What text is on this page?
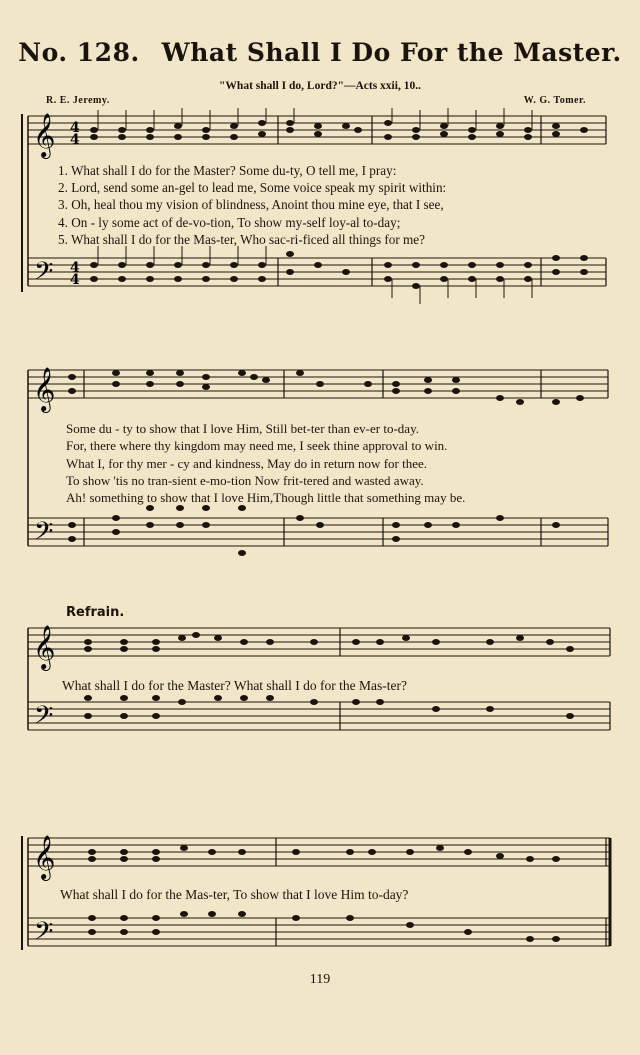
No. 128. What Shall I Do For the Master.
"What shall I do, Lord?"—Acts xxii, 10..
R. E. Jeremy.	W. G. Tomer.
𝄞
𝄢
4
4
4
4
1. What shall I do for the Master? Some du-ty, O tell me, I pray:
2. Lord, send some an-gel to lead me, Some voice speak my spirit within:
3. Oh, heal thou my vision of blindness, Anoint thou mine eye, that I see,
4. On - ly some act of de-vo-tion, To show my-self loy-al to-day;
5. What shall I do for the Mas-ter, Who sac-ri-ficed all things for me?
𝄞
𝄢
Some du - ty to show that I love Him, Still bet-ter than ev-er to-day.
For, there where thy kingdom may need me, I seek thine approval to win.
What I, for thy mer - cy and kindness, May do in return now for thee.
To show 'tis no tran-sient e-mo-tion Now frit-tered and wasted away.
Ah! something to show that I love Him,Though little that something may be.
Refrain.
𝄞
𝄢
What shall I do for the Master? What shall I do for the Mas-ter?
𝄞
𝄢
What shall I do for the Mas-ter, To show that I love Him to-day?
119
